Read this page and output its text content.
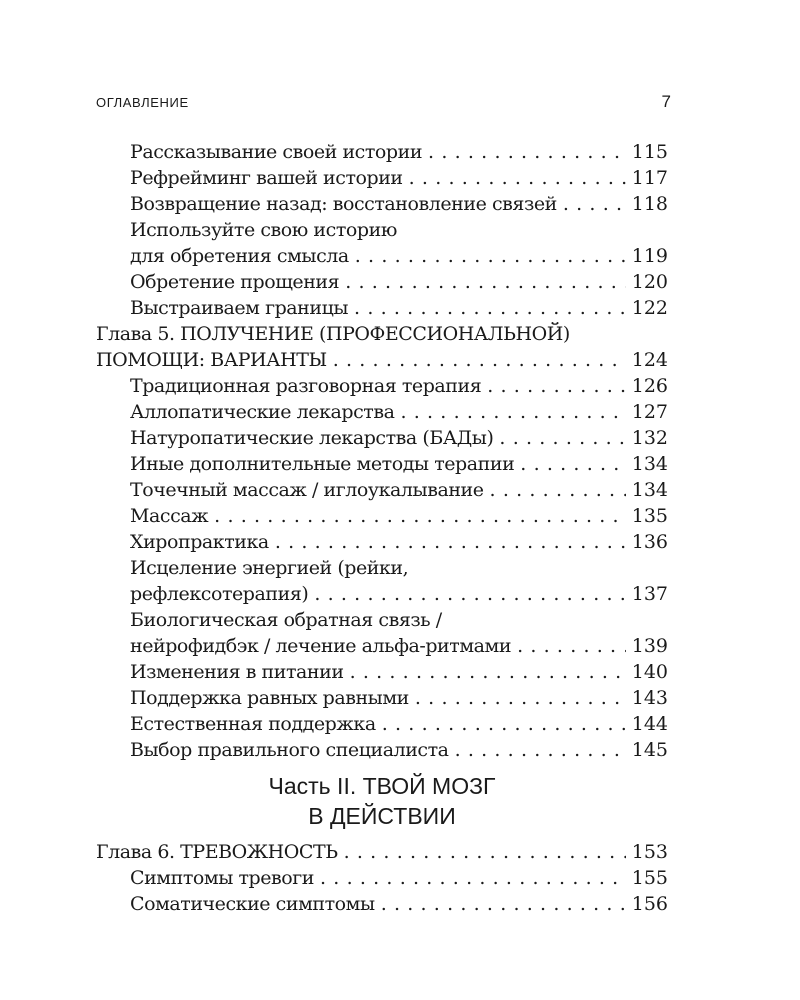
ОГЛАВЛЕНИЕ	7
Рассказывание своей истории . . .	115
Рефрейминг вашей истории . . .	117
Возвращение назад: восстановление связей . . .	118
Используйте свою историю
для обретения смысла . . .	119
Обретение прощения . . .	120
Выстраиваем границы . . .	122
Глава 5. ПОЛУЧЕНИЕ (ПРОФЕССИОНАЛЬНОЙ)
ПОМОЩИ: ВАРИАНТЫ . . .	124
Традиционная разговорная терапия . . .	126
Аллопатические лекарства . . .	127
Натуропатические лекарства (БАДы) . . .	132
Иные дополнительные методы терапии . . .	134
Точечный массаж / иглоукалывание . . .	134
Массаж . . .	135
Хиропрактика . . .	136
Исцеление энергией (рейки,
рефлексотерапия) . . .	137
Биологическая обратная связь /
нейрофидбэк / лечение альфа-ритмами . . .	139
Изменения в питании . . .	140
Поддержка равных равными . . .	143
Естественная поддержка . . .	144
Выбор правильного специалиста . . .	145
Часть II. ТВОЙ МОЗГ
В ДЕЙСТВИИ
Глава 6. ТРЕВОЖНОСТЬ . . .	153
Симптомы тревоги . . .	155
Соматические симптомы . . .	156
